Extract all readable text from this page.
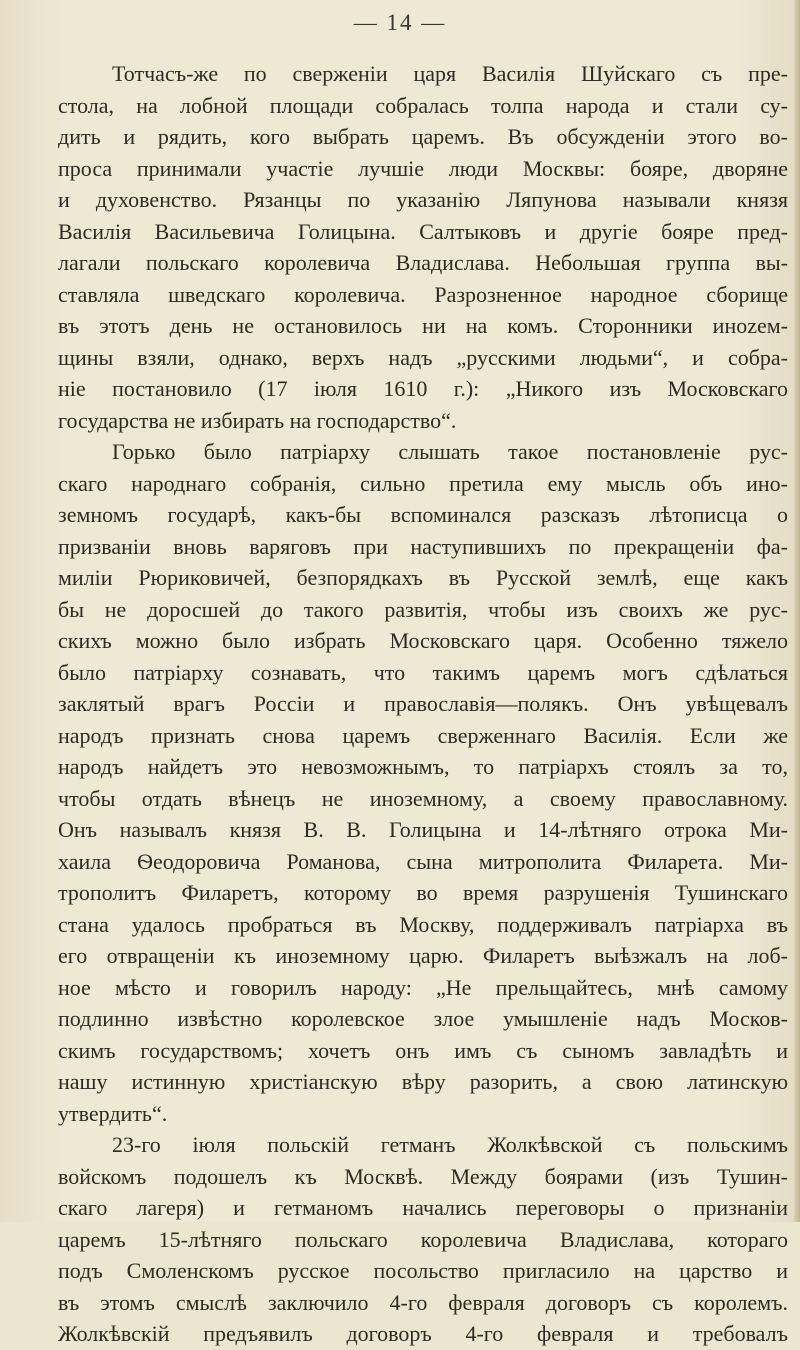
— 14 —
Тотчасъ-же по сверженіи царя Василія Шуйскаго съ пре-
стола, на лобной площади собралась толпа народа и стали су-
дить и рядить, кого выбрать царемъ. Въ обсужденіи этого во-
проса принимали участіе лучшіе люди Москвы: бояре, дворяне
и духовенство. Рязанцы по указанію Ляпунова называли князя
Василія Васильевича Голицына. Салтыковъ и другіе бояре пред-
лагали польскаго королевича Владислава. Небольшая группа вы-
ставляла шведскаго королевича. Разрозненное народное сборище
въ этотъ день не остановилось ни на комъ. Сторонники иноzем-
щины взяли, однако, верхъ надъ „русскими людьми“, и собра-
ніе постановило (17 іюля 1610 г.): „Никого изъ Московскаго
государства не избирать на господарство“.
Горько было патріарху слышать такое постановленіе рус-
скаго народнаго собранія, сильно претила ему мысль объ ино-
земномъ государѣ, какъ-бы вспоминался разсказъ лѣтописца о
призваніи вновь варяговъ при наступившихъ по прекращеніи фа-
миліи Рюриковичей, безпорядкахъ въ Русской землѣ, еще какъ
бы не доросшей до такого развитія, чтобы изъ своихъ же рус-
скихъ можно было избрать Московскаго царя. Особенно тяжело
было патріарху сознавать, что такимъ царемъ могъ сдѣлаться
заклятый врагъ Россіи и православія—полякъ. Онъ увѣщевалъ
народъ признать снова царемъ сверженнаго Василія. Если же
народъ найдетъ это невозможнымъ, то патріархъ стоялъ за то,
чтобы отдать вѣнецъ не иноземному, а своему православному.
Онъ называлъ князя В. В. Голицына и 14-лѣтняго отрока Ми-
хаила Ѳеодоровича Романова, сына митрополита Филарета. Ми-
трополитъ Филаретъ, которому во время разрушенія Тушинскаго
стана удалось пробраться въ Москву, поддерживалъ патріарха въ
его отвращеніи къ иноземному царю. Филаретъ выѣзжалъ на лоб-
ное мѣсто и говорилъ народу: „Не прельщайтесь, мнѣ самому
подлинно извѣстно королевское злое умышленіе надъ Москов-
скимъ государствомъ; хочетъ онъ имъ съ сыномъ завладѣть и
нашу истинную христіанскую вѣру разорить, а свою латинскую
утвердить“.
23-го іюля польскій гетманъ Жолкѣвской съ польскимъ
войскомъ подошелъ къ Москвѣ. Между боярами (изъ Тушин-
скаго лагеря) и гетманомъ начались переговоры о признаніи
царемъ 15-лѣтняго польскаго королевича Владислава, котораго
подъ Смоленскомъ русское посольство пригласило на царство и
въ этомъ смыслѣ заключило 4-го февраля договоръ съ королемъ.
Жолкѣвскій предъявилъ договоръ 4-го февраля и требовалъ
